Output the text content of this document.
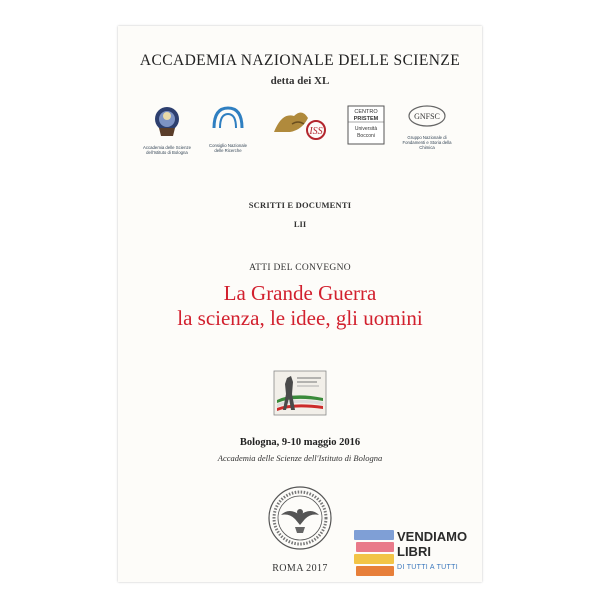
ACCADEMIA NAZIONALE DELLE SCIENZE
detta dei XL
Accademia delle Scienze dell'Istituto di Bologna
Consiglio Nazionale delle Ricerche
ISS
CENTRO
PRISTEM
Università
Bocconi
GNFSC
Gruppo Nazionale di Fondamenti e Storia della Chimica
SCRITTI E DOCUMENTI
LII
ATTI DEL CONVEGNO
La Grande Guerra
la scienza, le idee, gli uomini
Bologna, 9-10 maggio 2016
Accademia delle Scienze dell'Istituto di Bologna
ROMA 2017
VENDIAMO
LIBRI
DI TUTTI A TUTTI
